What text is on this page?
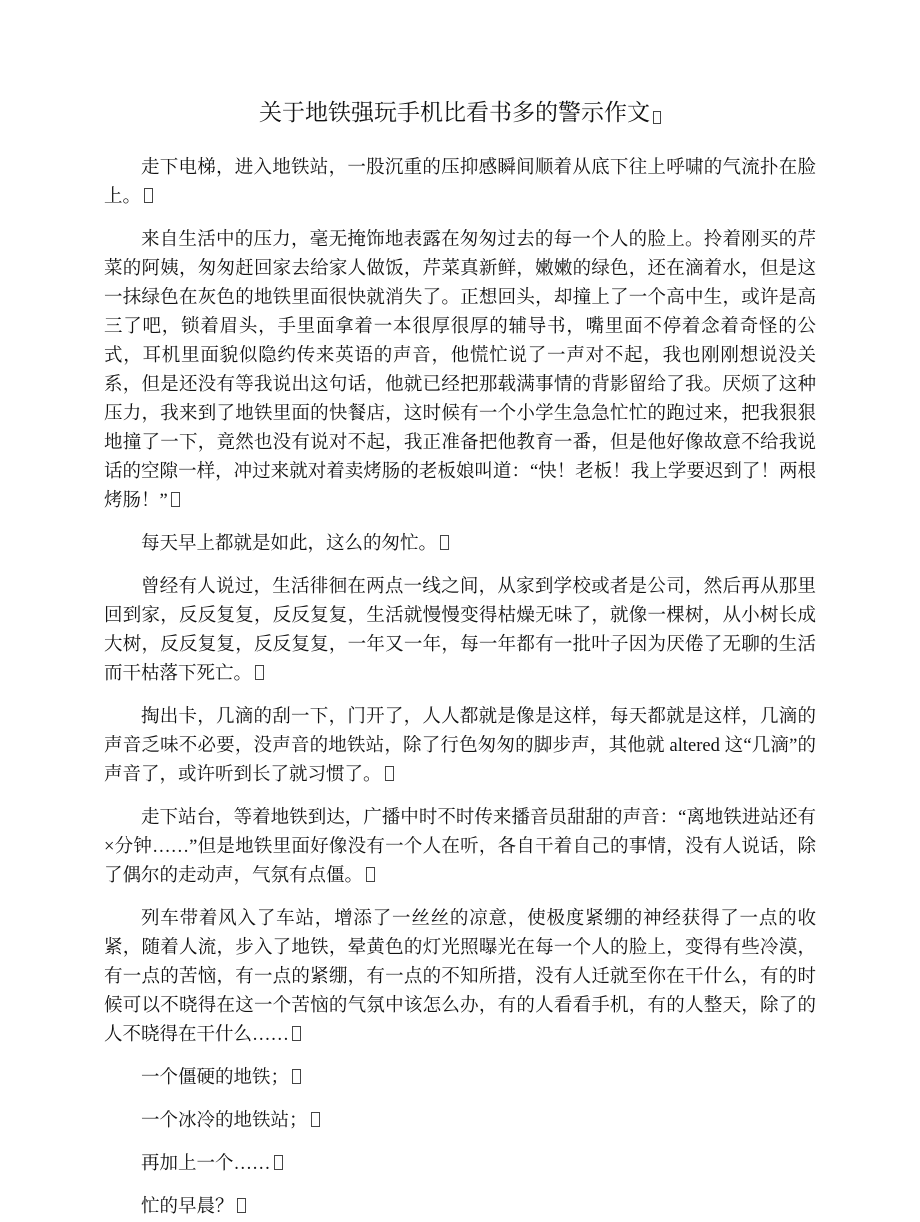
关于地铁强玩手机比看书多的警示作文

走下电梯，进入地铁站，一股沉重的压抑感瞬间顺着从底下往上呼啸的气流扑在脸上。

来自生活中的压力，毫无掩饰地表露在匆匆过去的每一个人的脸上。拎着刚买的芹菜的阿姨，匆匆赶回家去给家人做饭，芹菜真新鲜，嫩嫩的绿色，还在滴着水，但是这一抹绿色在灰色的地铁里面很快就消失了。正想回头，却撞上了一个高中生，或许是高三了吧，锁着眉头，手里面拿着一本很厚很厚的辅导书，嘴里面不停着念着奇怪的公式，耳机里面貌似隐约传来英语的声音，他慌忙说了一声对不起，我也刚刚想说没关系，但是还没有等我说出这句话，他就已经把那载满事情的背影留给了我。厌烦了这种压力，我来到了地铁里面的快餐店，这时候有一个小学生急急忙忙的跑过来，把我狠狠地撞了一下，竟然也没有说对不起，我正准备把他教育一番，但是他好像故意不给我说话的空隙一样，冲过来就对着卖烤肠的老板娘叫道：“快！老板！我上学要迟到了！两根烤肠！”

每天早上都就是如此，这么的匆忙。

曾经有人说过，生活徘徊在两点一线之间，从家到学校或者是公司，然后再从那里回到家，反反复复，反反复复，生活就慢慢变得枯燥无味了，就像一棵树，从小树长成大树，反反复复，反反复复，一年又一年，每一年都有一批叶子因为厌倦了无聊的生活而干枯落下死亡。

掏出卡，几滴的刮一下，门开了，人人都就是像是这样，每天都就是这样，几滴的声音乏味不必要，没声音的地铁站，除了行色匆匆的脚步声，其他就 altered 这“几滴”的声音了，或许听到长了就习惯了。

走下站台，等着地铁到达，广播中时不时传来播音员甜甜的声音：“离地铁进站还有×分钟……”但是地铁里面好像没有一个人在听，各自干着自己的事情，没有人说话，除了偶尔的走动声，气氛有点僵。

列车带着风入了车站，增添了一丝丝的凉意，使极度紧绷的神经获得了一点的收紧，随着人流，步入了地铁，晕黄色的灯光照曝光在每一个人的脸上，变得有些冷漠，有一点的苦恼，有一点的紧绷，有一点的不知所措，没有人迁就至你在干什么，有的时候可以不晓得在这一个苦恼的气氛中该怎么办，有的人看看手机，有的人整天，除了的人不晓得在干什么……

一个僵硬的地铁；

一个冰冷的地铁站；

再加上一个……

忙的早晨？
